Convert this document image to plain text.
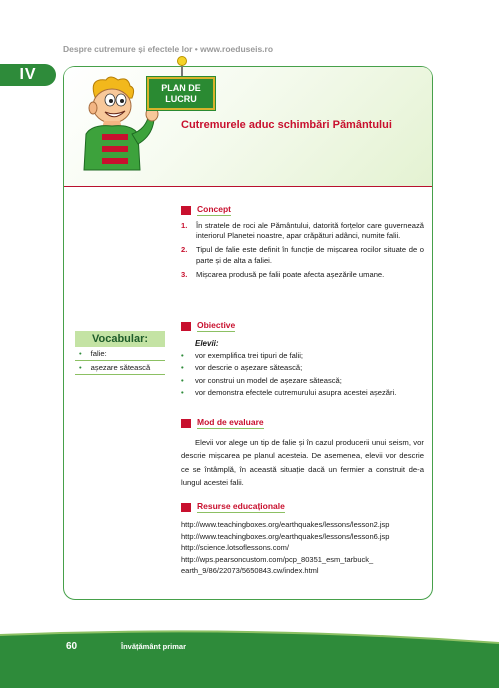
Despre cutremure și efectele lor • www.roeduseis.ro
IV
PLAN DE
LUCRU
Cutremurele aduc schimbări Pământului
Concept
1.	În stratele de roci ale Pământului, datorită forțelor care guvernează interiorul Planetei noastre, apar crăpături adânci, numite falii.
2.	Tipul de falie este definit în funcție de mișcarea rocilor situate de o parte și de alta a faliei.
3.	Mișcarea produsă pe falii poate afecta așezările umane.
Obiective
Elevii:
•	vor exemplifica trei tipuri de falii;
•	vor descrie o așezare sătească;
•	vor construi un model de așezare sătească;
•	vor demonstra efectele cutremurului asupra acestei așezări.
Vocabular:
• falie:
• așezare sătească
Mod de evaluare
Elevii vor alege un tip de falie și în cazul producerii unui seism, vor descrie mișcarea pe planul acesteia. De asemenea, elevii vor descrie ce se întâmplă, în această situație dacă un fermier a construit de-a lungul acestei falii.
Resurse educaționale
http://www.teachingboxes.org/earthquakes/lessons/lesson2.jsp
http://www.teachingboxes.org/earthquakes/lessons/lesson6.jsp
http://science.lotsoflessons.com/
http://wps.pearsoncustom.com/pcp_80351_esm_tarbuck_
earth_9/86/22073/5650843.cw/index.html
60	Învățământ primar
